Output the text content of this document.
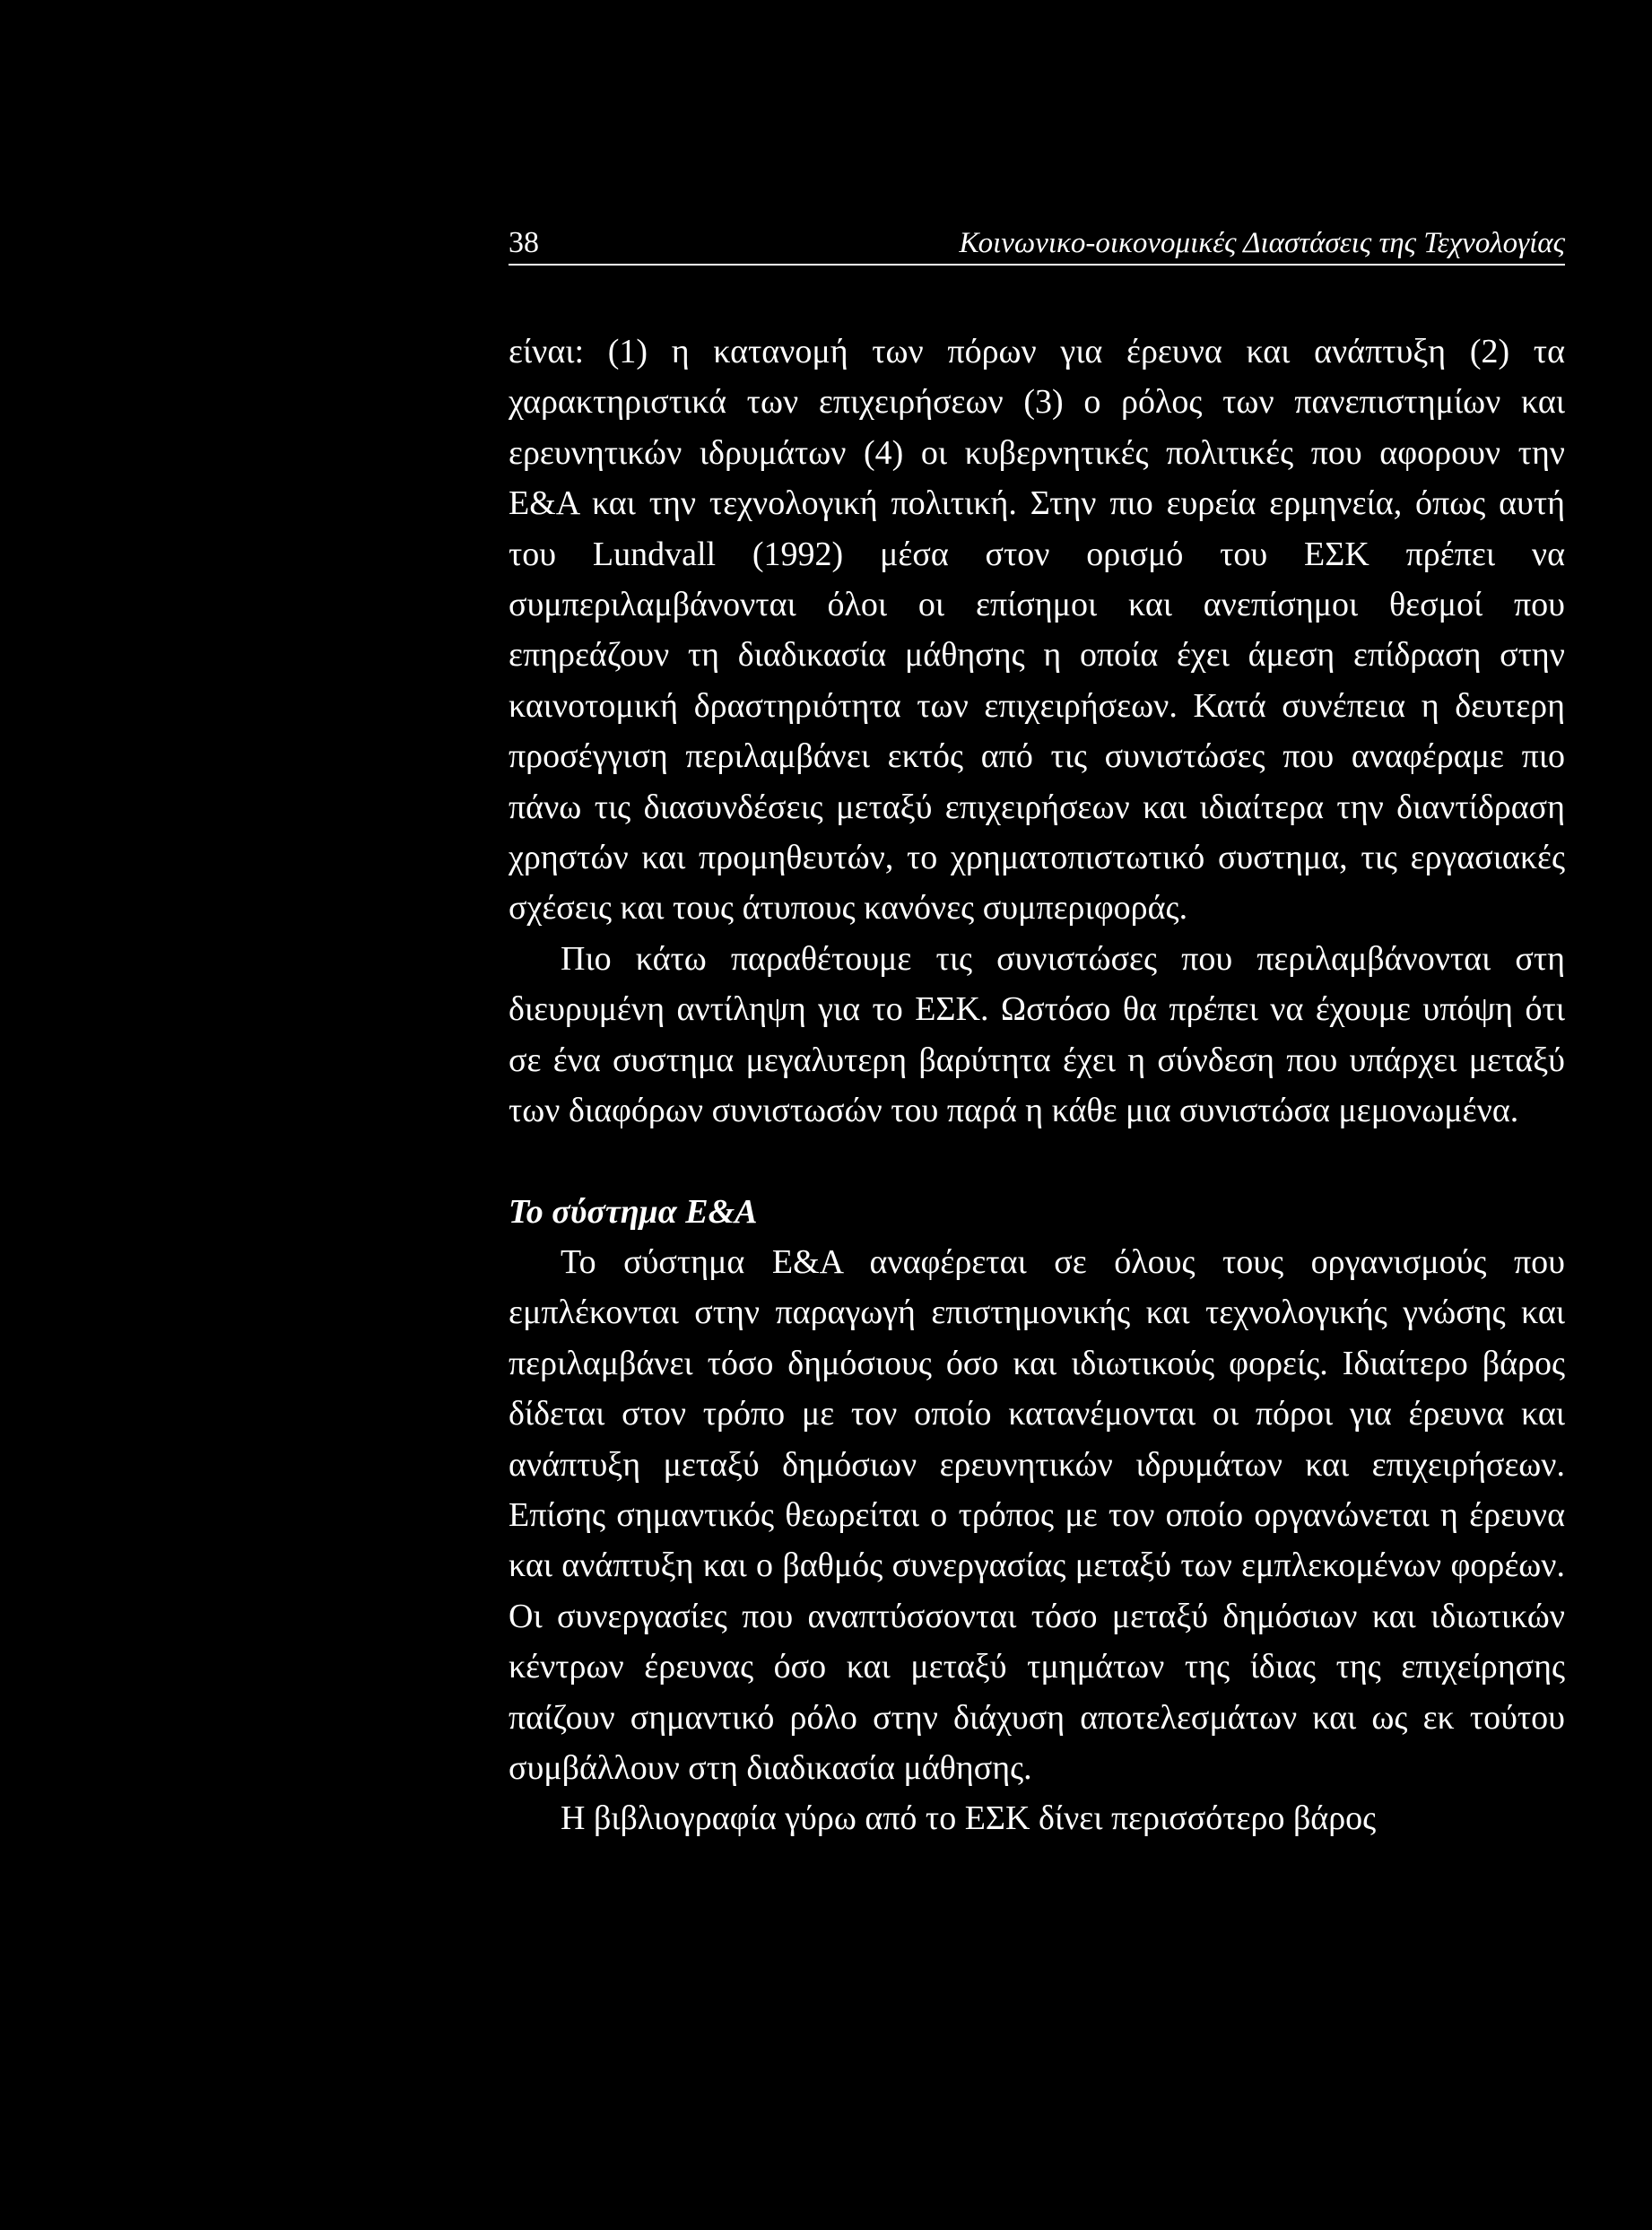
38	Κοινωνικο-οικονομικές Διαστάσεις της Τεχνολογίας

είναι: (1) η κατανομή των πόρων για έρευνα και ανάπτυξη (2) τα χαρακτηριστικά των επιχειρήσεων (3) ο ρόλος των πανεπιστημίων και ερευνητικών ιδρυμάτων (4) οι κυβερνητικές πολιτικές που αφορουν την Ε&Α και την τεχνολογική πολιτική. Στην πιο ευρεία ερμηνεία, όπως αυτή του Lundvall (1992) μέσα στον ορισμό του ΕΣΚ πρέπει να συμπεριλαμβάνονται όλοι οι επίσημοι και ανεπίσημοι θεσμοί που επηρεάζουν τη διαδικασία μάθησης η οποία έχει άμεση επίδραση στην καινοτομική δραστηριότητα των επιχειρήσεων. Κατά συνέπεια η δευτερη προσέγγιση περιλαμβάνει εκτός από τις συνιστώσες που αναφέραμε πιο πάνω τις διασυνδέσεις μεταξύ επιχειρήσεων και ιδιαίτερα την διαντίδραση χρηστών και προμηθευτών, το χρηματοπιστωτικό συστημα, τις εργασιακές σχέσεις και τους άτυπους κανόνες συμπεριφοράς.

Πιο κάτω παραθέτουμε τις συνιστώσες που περιλαμβάνονται στη διευρυμένη αντίληψη για το ΕΣΚ. Ωστόσο θα πρέπει να έχουμε υπόψη ότι σε ένα συστημα μεγαλυτερη βαρύτητα έχει η σύνδεση που υπάρχει μεταξύ των διαφόρων συνιστωσών του παρά η κάθε μια συνιστώσα μεμονωμένα.

Το σύστημα Ε&Α

Το σύστημα Ε&Α αναφέρεται σε όλους τους οργανισμούς που εμπλέκονται στην παραγωγή επιστημονικής και τεχνολογικής γνώσης και περιλαμβάνει τόσο δημόσιους όσο και ιδιωτικούς φορείς. Ιδιαίτερο βάρος δίδεται στον τρόπο με τον οποίο κατανέμονται οι πόροι για έρευνα και ανάπτυξη μεταξύ δημόσιων ερευνητικών ιδρυμάτων και επιχειρήσεων. Επίσης σημαντικός θεωρείται ο τρόπος με τον οποίο οργανώνεται η έρευνα και ανάπτυξη και ο βαθμός συνεργασίας μεταξύ των εμπλεκομένων φορέων. Οι συνεργασίες που αναπτύσσονται τόσο μεταξύ δημόσιων και ιδιωτικών κέντρων έρευνας όσο και μεταξύ τμημάτων της ίδιας της επιχείρησης παίζουν σημαντικό ρόλο στην διάχυση αποτελεσμάτων και ως εκ τούτου συμβάλλουν στη διαδικασία μάθησης.

Η βιβλιογραφία γύρω από το ΕΣΚ δίνει περισσότερο βάρος
